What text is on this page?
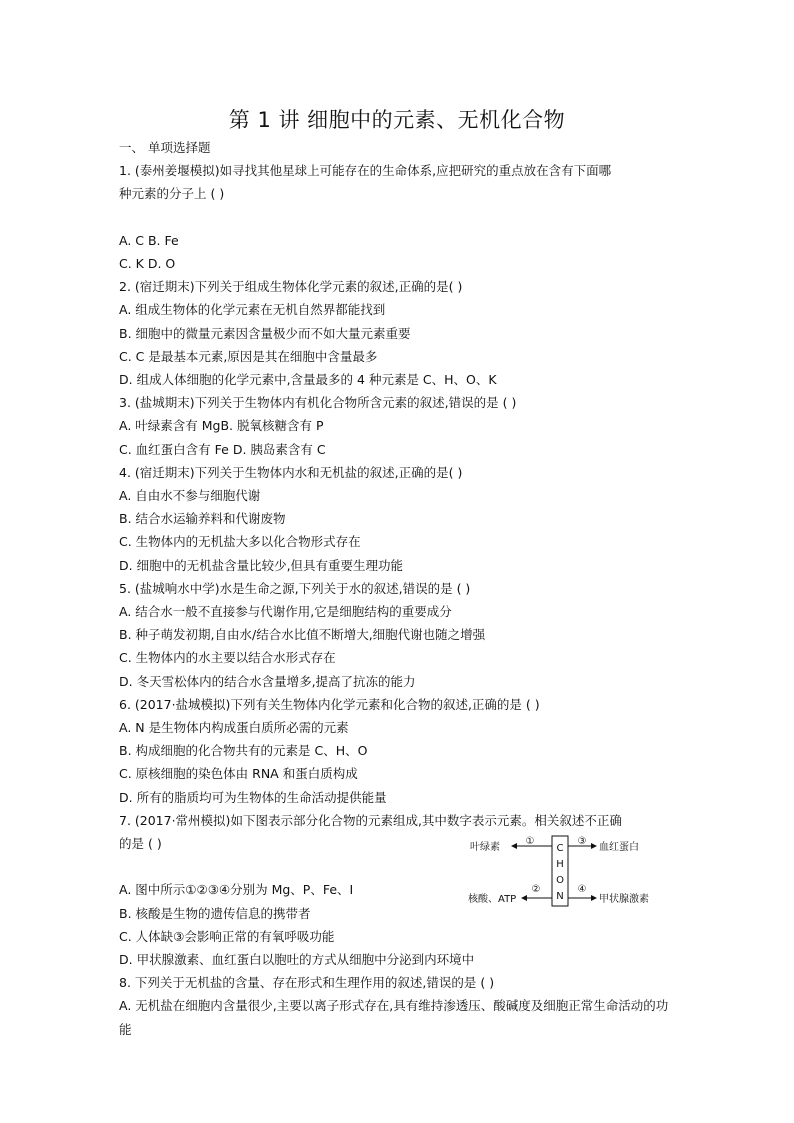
第 1 讲 细胞中的元素、无机化合物
一、 单项选择题
1. (泰州姜堰模拟)如寻找其他星球上可能存在的生命体系,应把研究的重点放在含有下面哪
种元素的分子上 ( )
A. C B. Fe
C. K D. O
2. (宿迁期末)下列关于组成生物体化学元素的叙述,正确的是( )
A. 组成生物体的化学元素在无机自然界都能找到
B. 细胞中的微量元素因含量极少而不如大量元素重要
C. C 是最基本元素,原因是其在细胞中含量最多
D. 组成人体细胞的化学元素中,含量最多的 4 种元素是 C、H、O、K
3. (盐城期末)下列关于生物体内有机化合物所含元素的叙述,错误的是 ( )
A. 叶绿素含有 MgB. 脱氧核糖含有 P
C. 血红蛋白含有 Fe D. 胰岛素含有 C
4. (宿迁期末)下列关于生物体内水和无机盐的叙述,正确的是( )
A. 自由水不参与细胞代谢
B. 结合水运输养料和代谢废物
C. 生物体内的无机盐大多以化合物形式存在
D. 细胞中的无机盐含量比较少,但具有重要生理功能
5. (盐城响水中学)水是生命之源,下列关于水的叙述,错误的是 ( )
A. 结合水一般不直接参与代谢作用,它是细胞结构的重要成分
B. 种子萌发初期,自由水/结合水比值不断增大,细胞代谢也随之增强
C. 生物体内的水主要以结合水形式存在
D. 冬天雪松体内的结合水含量增多,提高了抗冻的能力
6. (2017·盐城模拟)下列有关生物体内化学元素和化合物的叙述,正确的是 ( )
A. N 是生物体内构成蛋白质所必需的元素
B. 构成细胞的化合物共有的元素是 C、H、O
C. 原核细胞的染色体由 RNA 和蛋白质构成
D. 所有的脂质均可为生物体的生命活动提供能量
7. (2017·常州模拟)如下图表示部分化合物的元素组成,其中数字表示元素。相关叙述不正确
的是 ( )
A. 图中所示①②③④分别为 Mg、P、Fe、I
B. 核酸是生物的遗传信息的携带者
C. 人体缺③会影响正常的有氧呼吸功能
D. 甲状腺激素、血红蛋白以胞吐的方式从细胞中分泌到内环境中
8. 下列关于无机盐的含量、存在形式和生理作用的叙述,错误的是 ( )
A. 无机盐在细胞内含量很少,主要以离子形式存在,具有维持渗透压、酸碱度及细胞正常生命活动的功能
C
H
O
N
叶绿素
①
核酸、ATP
②
③
血红蛋白
④
甲状腺激素
